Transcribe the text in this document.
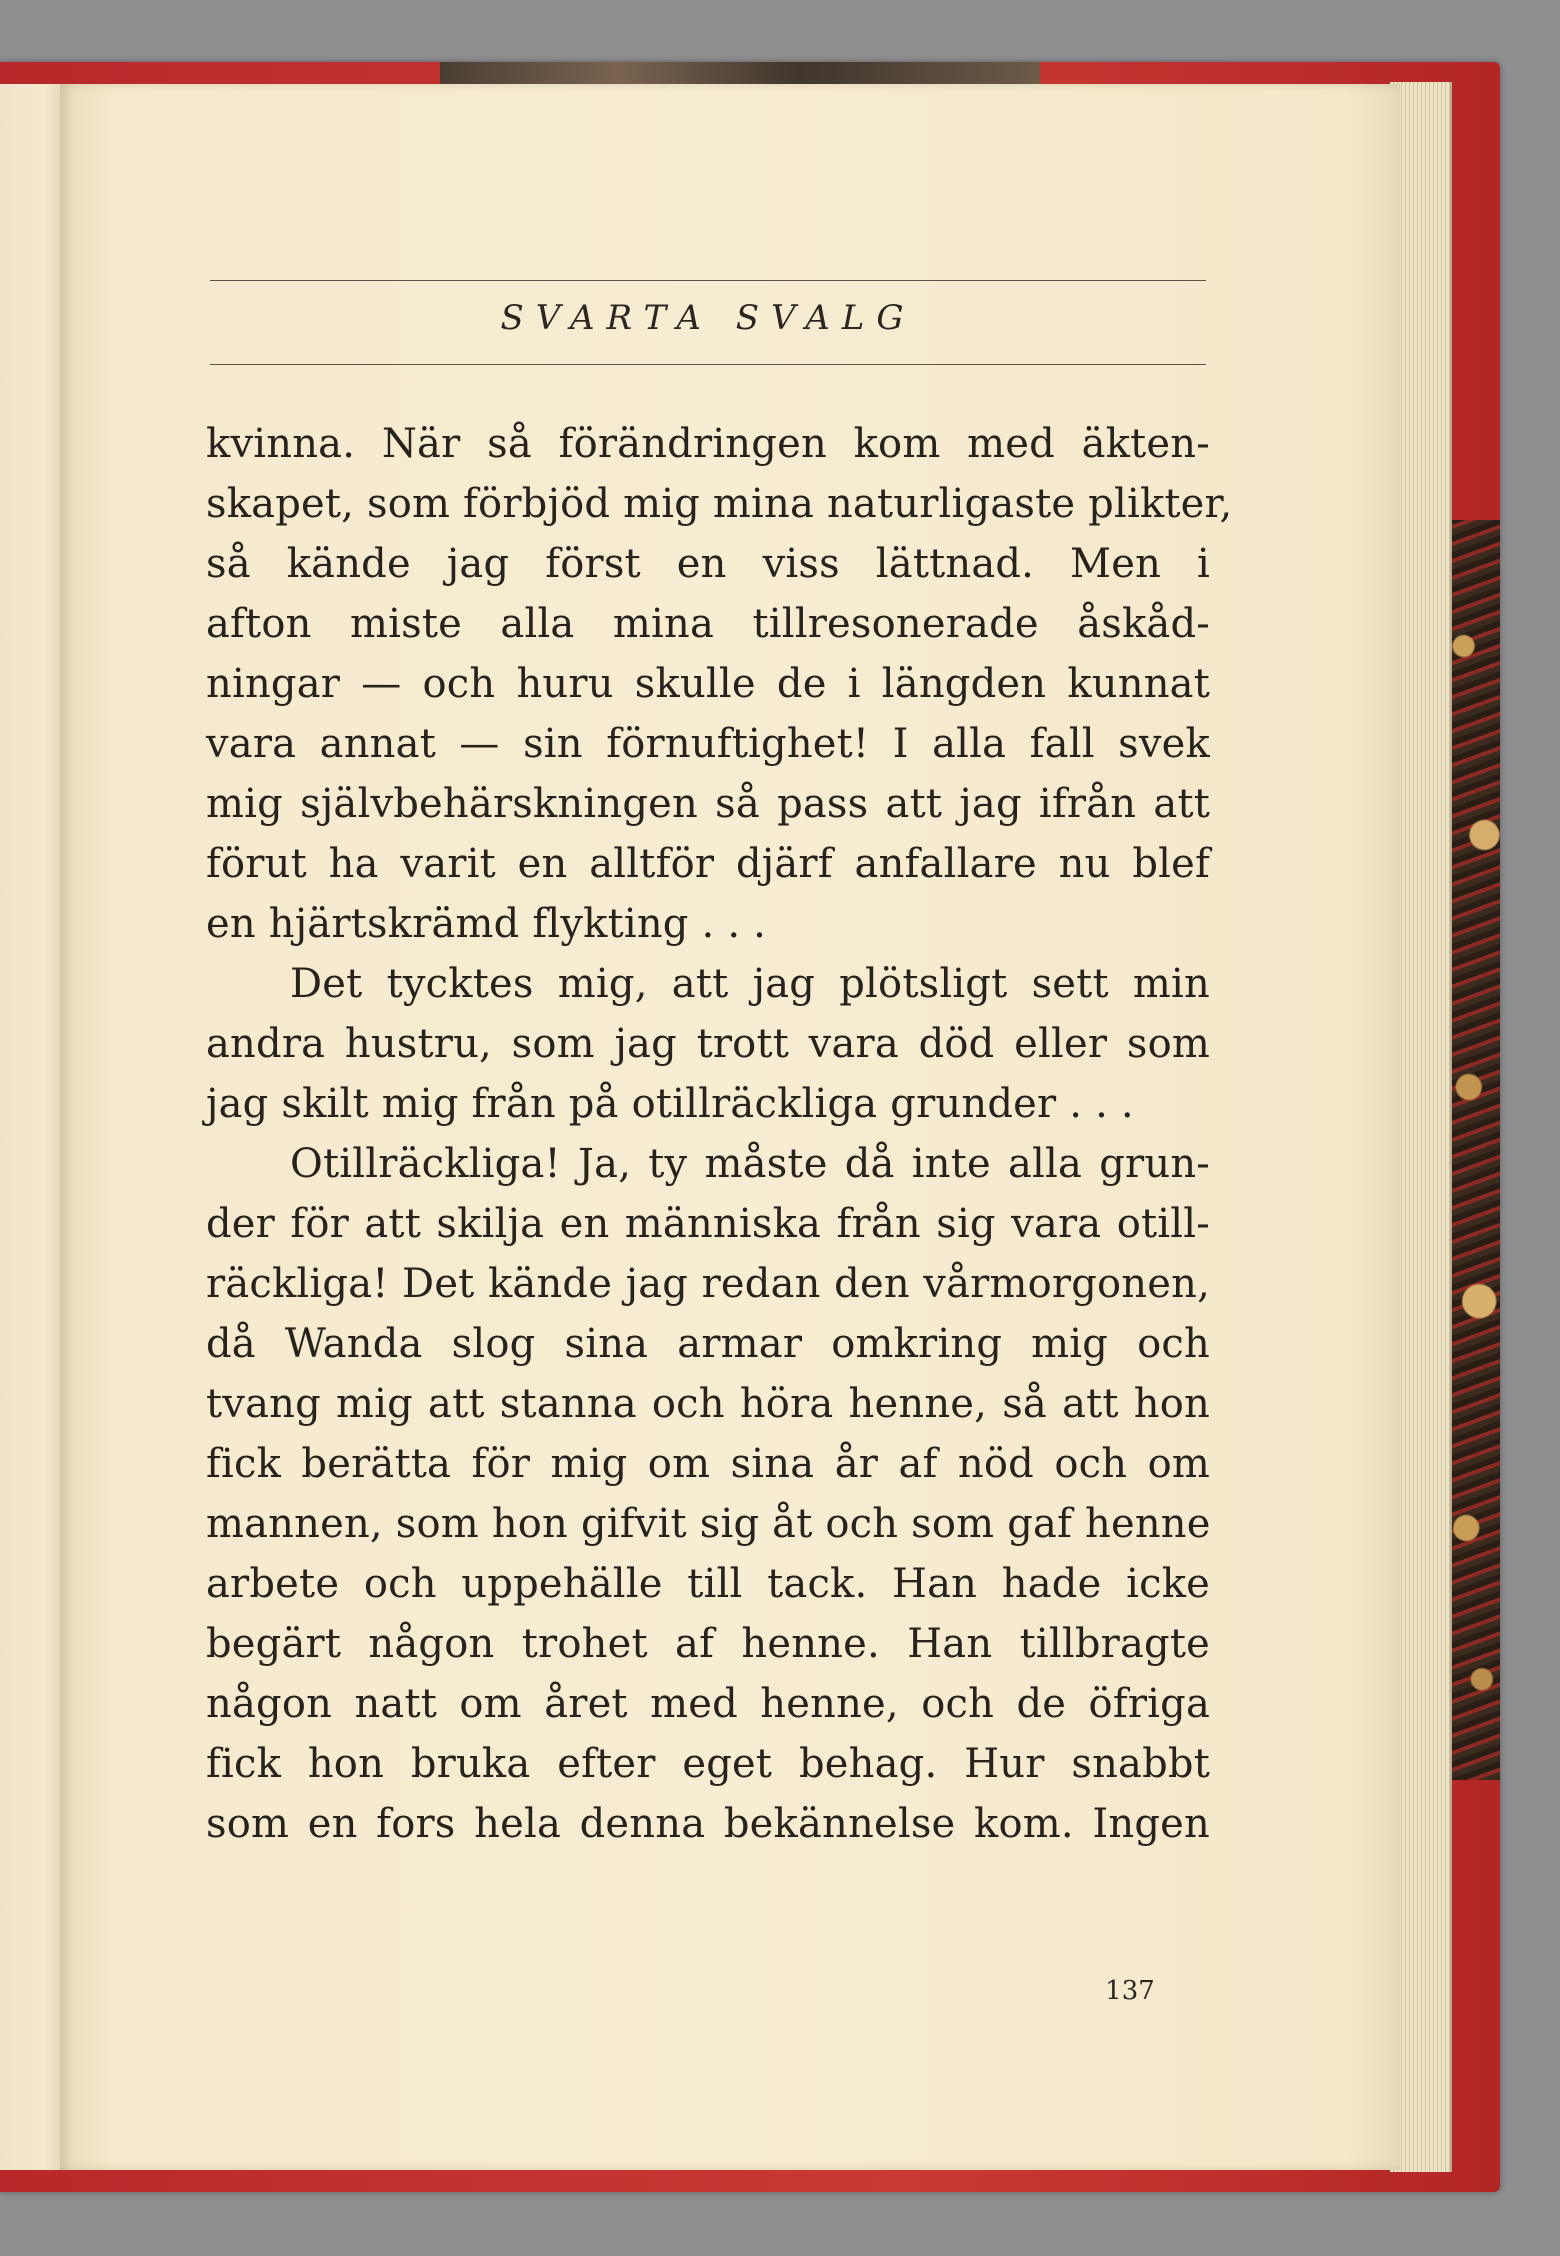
SVARTA SVALG
kvinna. När så förändringen kom med äkten-
skapet, som förbjöd mig mina naturligaste plikter,
så kände jag först en viss lättnad. Men i
afton miste alla mina tillresonerade åskåd-
ningar — och huru skulle de i längden kunnat
vara annat — sin förnuftighet! I alla fall svek
mig självbehärskningen så pass att jag ifrån att
förut ha varit en alltför djärf anfallare nu blef
en hjärtskrämd flykting . . .
Det tycktes mig, att jag plötsligt sett min
andra hustru, som jag trott vara död eller som
jag skilt mig från på otillräckliga grunder . . .
Otillräckliga! Ja, ty måste då inte alla grun-
der för att skilja en människa från sig vara otill-
räckliga! Det kände jag redan den vårmorgonen,
då Wanda slog sina armar omkring mig och
tvang mig att stanna och höra henne, så att hon
fick berätta för mig om sina år af nöd och om
mannen, som hon gifvit sig åt och som gaf henne
arbete och uppehälle till tack. Han hade icke
begärt någon trohet af henne. Han tillbragte
någon natt om året med henne, och de öfriga
fick hon bruka efter eget behag. Hur snabbt
som en fors hela denna bekännelse kom. Ingen
137
